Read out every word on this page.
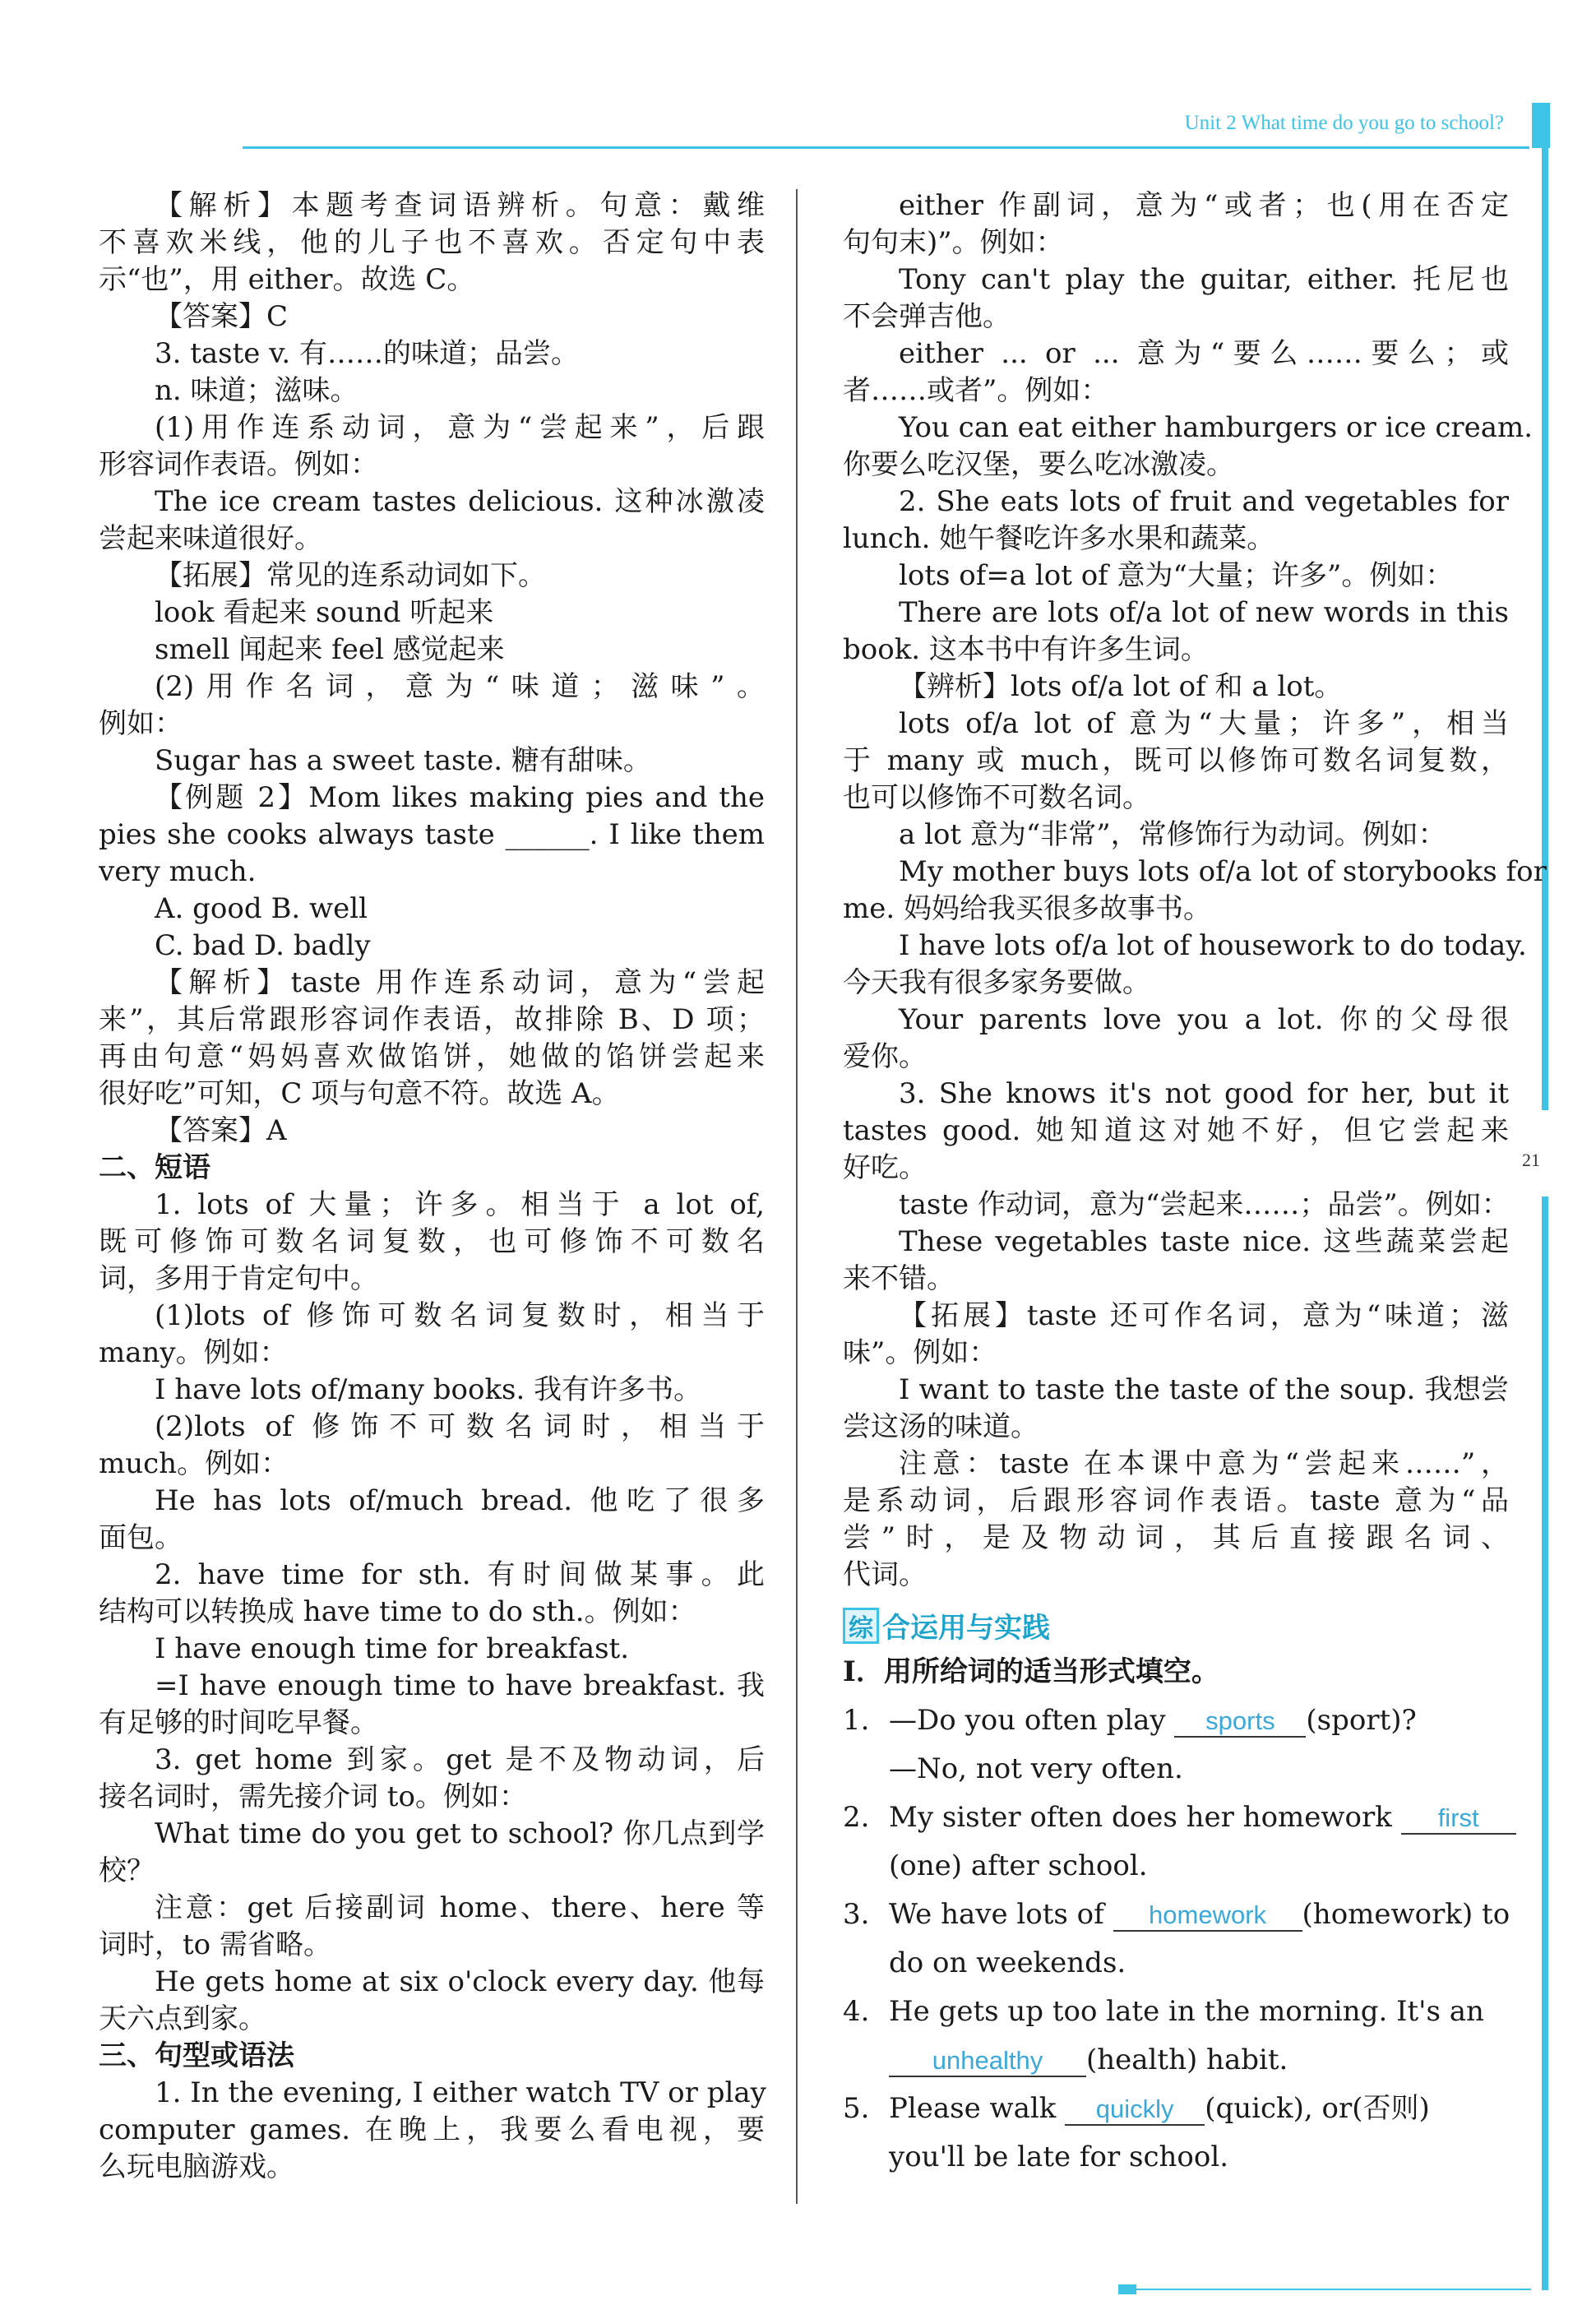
Unit 2 What time do you go to school?
21
【解析】本题考查词语辨析。句意：戴维
不喜欢米线，他的儿子也不喜欢。否定句中表
示“也”，用 either。故选 C。
【答案】C
3. taste v. 有……的味道；品尝。
n. 味道；滋味。
(1)用作连系动词，意为“尝起来”，后跟
形容词作表语。例如：
The ice cream tastes delicious. 这种冰激凌
尝起来味道很好。
【拓展】常见的连系动词如下。
look 看起来 sound 听起来
smell 闻起来 feel 感觉起来
(2)用作名词，意为“味道；滋味”。
例如：
Sugar has a sweet taste. 糖有甜味。
【例题 2】Mom likes making pies and the
pies she cooks always taste ______. I like them
very much.
A. good B. well
C. bad D. badly
【解析】taste 用作连系动词，意为“尝起
来”，其后常跟形容词作表语，故排除 B、D 项；
再由句意“妈妈喜欢做馅饼，她做的馅饼尝起来
很好吃”可知，C 项与句意不符。故选 A。
【答案】A
二、短语
1. lots of 大量；许多。相当于 a lot of,
既可修饰可数名词复数，也可修饰不可数名
词，多用于肯定句中。
(1)lots of 修饰可数名词复数时，相当于
many。例如：
I have lots of/many books. 我有许多书。
(2)lots of 修饰不可数名词时，相当于
much。例如：
He has lots of/much bread. 他吃了很多
面包。
2. have time for sth. 有时间做某事。此
结构可以转换成 have time to do sth.。例如：
I have enough time for breakfast.
=I have enough time to have breakfast. 我
有足够的时间吃早餐。
3. get home 到家。get 是不及物动词，后
接名词时，需先接介词 to。例如：
What time do you get to school? 你几点到学
校？
注意：get 后接副词 home、there、here 等
词时，to 需省略。
He gets home at six o'clock every day. 他每
天六点到家。
三、句型或语法
1. In the evening, I either watch TV or play
computer games. 在晚上，我要么看电视，要
么玩电脑游戏。
either 作副词，意为“或者；也(用在否定
句句末)”。例如：
Tony can't play the guitar, either. 托尼也
不会弹吉他。
either ... or ... 意为“要么……要么；或
者……或者”。例如：
You can eat either hamburgers or ice cream.
你要么吃汉堡，要么吃冰激凌。
2. She eats lots of fruit and vegetables for
lunch. 她午餐吃许多水果和蔬菜。
lots of=a lot of 意为“大量；许多”。例如：
There are lots of/a lot of new words in this
book. 这本书中有许多生词。
【辨析】lots of/a lot of 和 a lot。
lots of/a lot of 意为“大量；许多”，相当
于 many 或 much，既可以修饰可数名词复数，
也可以修饰不可数名词。
a lot 意为“非常”，常修饰行为动词。例如：
My mother buys lots of/a lot of storybooks for
me. 妈妈给我买很多故事书。
I have lots of/a lot of housework to do today.
今天我有很多家务要做。
Your parents love you a lot. 你的父母很
爱你。
3. She knows it's not good for her, but it
tastes good. 她知道这对她不好，但它尝起来
好吃。
taste 作动词，意为“尝起来……；品尝”。例如：
These vegetables taste nice. 这些蔬菜尝起
来不错。
【拓展】taste 还可作名词，意为“味道；滋
味”。例如：
I want to taste the taste of the soup. 我想尝
尝这汤的味道。
注意：taste 在本课中意为“尝起来……”，
是系动词，后跟形容词作表语。taste 意为“品
尝”时，是及物动词，其后直接跟名词、
代词。
综 合运用与实践
Ⅰ．用所给词的适当形式填空。
1. —Do you often play sports (sport)?
—No, not very often.
2. My sister often does her homework first
(one) after school.
3. We have lots of homework (homework) to
do on weekends.
4. He gets up too late in the morning. It's an
unhealthy (health) habit.
5. Please walk quickly (quick), or(否则)
you'll be late for school.
